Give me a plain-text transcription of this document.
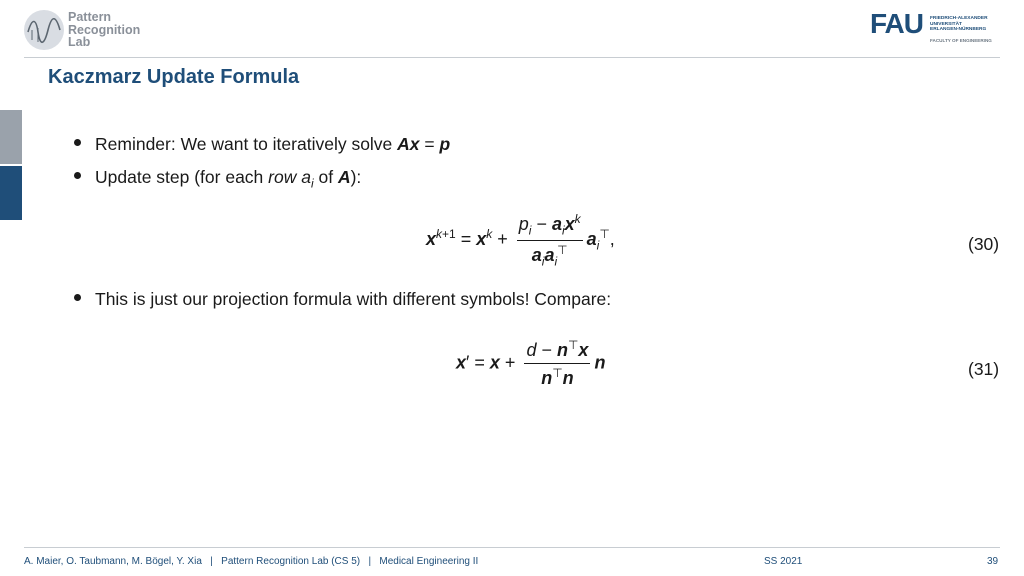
Pattern
Recognition
Lab
FAU FRIEDRICH-ALEXANDER
UNIVERSITÄT
ERLANGEN-NÜRNBERG
FACULTY OF ENGINEERING
Kaczmarz Update Formula
Reminder: We want to iteratively solve Ax = p
Update step (for each row $a_i$ of A):
$x^{k+1} = x^k + \frac{p_i - a_ix^k}{a_ia_i^⊤} a_i^⊤$,	(30)
This is just our projection formula with different symbols! Compare:
$x' = x + \frac{d - n^⊤x}{n^⊤n}$ n	(31)
A. Maier, O. Taubmann, M. Bögel, Y. Xia   |   Pattern Recognition Lab (CS 5)   |   Medical Engineering II	SS 2021	39
